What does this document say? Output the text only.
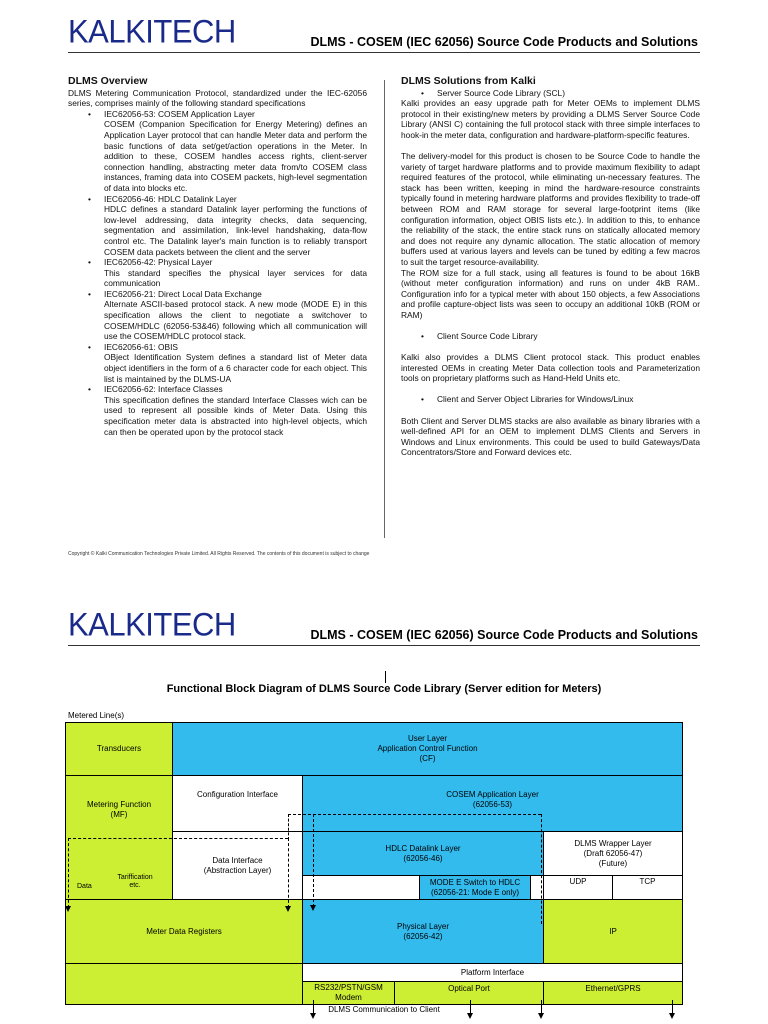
KALKITECH	DLMS - COSEM (IEC 62056) Source Code Products and Solutions
DLMS Overview

DLMS Metering Communication Protocol, standardized under the IEC-62056 series, comprises mainly of the following standard specifications

• IEC62056-53: COSEM Application Layer
COSEM (Companion Specification for Energy Metering) defines an Application Layer protocol that can handle Meter data and perform the basic functions of data set/get/action operations in the Meter. In addition to these, COSEM handles access rights, client-server connection handling, abstracting meter data from/to COSEM class instances, framing data into COSEM packets, high-level segmentation of data into blocks etc.
• IEC62056-46: HDLC Datalink Layer
HDLC defines a standard Datalink layer performing the functions of low-level addressing, data integrity checks, data sequencing, segmentation and assimilation, link-level handshaking, data-flow control etc. The Datalink layer's main function is to reliably transport COSEM data packets between the client and the server
• IEC62056-42: Physical Layer
This standard specifies the physical layer services for data communication
• IEC62056-21: Direct Local Data Exchange
Alternate ASCII-based protocol stack. A new mode (MODE E) in this specification allows the client to negotiate a switchover to COSEM/HDLC (62056-53&46) following which all communication will use the COSEM/HDLC protocol stack.
• IEC62056-61: OBIS
OBject Identification System defines a standard list of Meter data object identifiers in the form of a 6 character code for each object. This list is maintained by the DLMS-UA
• IEC62056-62: Interface Classes
This specification defines the standard Interface Classes wich can be used to represent all possible kinds of Meter Data. Using this specification meter data is abstracted into high-level objects, which can then be operated upon by the protocol stack
DLMS Solutions from Kalki
• Server Source Code Library (SCL)

Kalki provides an easy upgrade path for Meter OEMs to implement DLMS protocol in their existing/new meters by providing a DLMS Server Source Code Library (ANSI C) containing the full protocol stack with three simple interfaces to hook-in the meter data, configuration and hardware-platform-specific features.

The delivery-model for this product is chosen to be Source Code to handle the variety of target hardware platforms and to provide maximum flexibility to adapt required features of the protocol, while eliminating un-necessary features. The stack has been written, keeping in mind the hardware-resource constraints typically found in metering hardware platforms and provides flexibility to trade-off between ROM and RAM storage for several large-footprint items (like configuration information, object OBIS lists etc.). In addition to this, to enhance the reliability of the stack, the entire stack runs on statically allocated memory and does not require any dynamic allocation. The static allocation of memory buffers used at various layers and levels can be tuned by editing a few macros to suit the target resource-availability.

The ROM size for a full stack, using all features is found to be about 16kB (without meter configuration information) and runs on under 4kB RAM.. Configuration info for a typical meter with about 150 objects, a few Associations and profile capture-object lists was seen to occupy an additional 10kB (ROM or RAM)

• Client Source Code Library

Kalki also provides a DLMS Client protocol stack. This product enables interested OEMs in creating Meter Data collection tools and Parameterization tools on proprietary platforms such as Hand-Held Units etc.

• Client and Server Object Libraries for Windows/Linux

Both Client and Server DLMS stacks are also available as binary libraries with a well-defined API for an OEM to implement DLMS Clients and Servers in Windows and Linux environments. This could be used to build Gateways/Data Concentrators/Store and Forward devices etc.

Copyright © Kalki Communication Technologies Private Limited. All Rights Reserved. The contents of this document is subject to change
KALKITECH	DLMS - COSEM (IEC 62056) Source Code Products and Solutions
Functional Block Diagram of DLMS Source Code Library (Server edition for Meters)
Metered Line(s)
Transducers
User Layer
Application Control Function
(CF)
Metering Function
(MF)
Configuration Interface	COSEM Application Layer
(62056-53)
Data Interface
(Abstraction Layer)
HDLC Datalink Layer
(62056-46)
DLMS Wrapper Layer
(Draft 62056-47)
(Future)
Data
Tariffication
etc.	MODE E Switch to HDLC
(62056-21: Mode E only)
UDP	TCP
Meter Data Registers
Physical Layer
(62056-42)
IP
Platform Interface
RS232/PSTN/GSM
Modem
Optical Port	Ethernet/GPRS
DLMS Communication to Client
